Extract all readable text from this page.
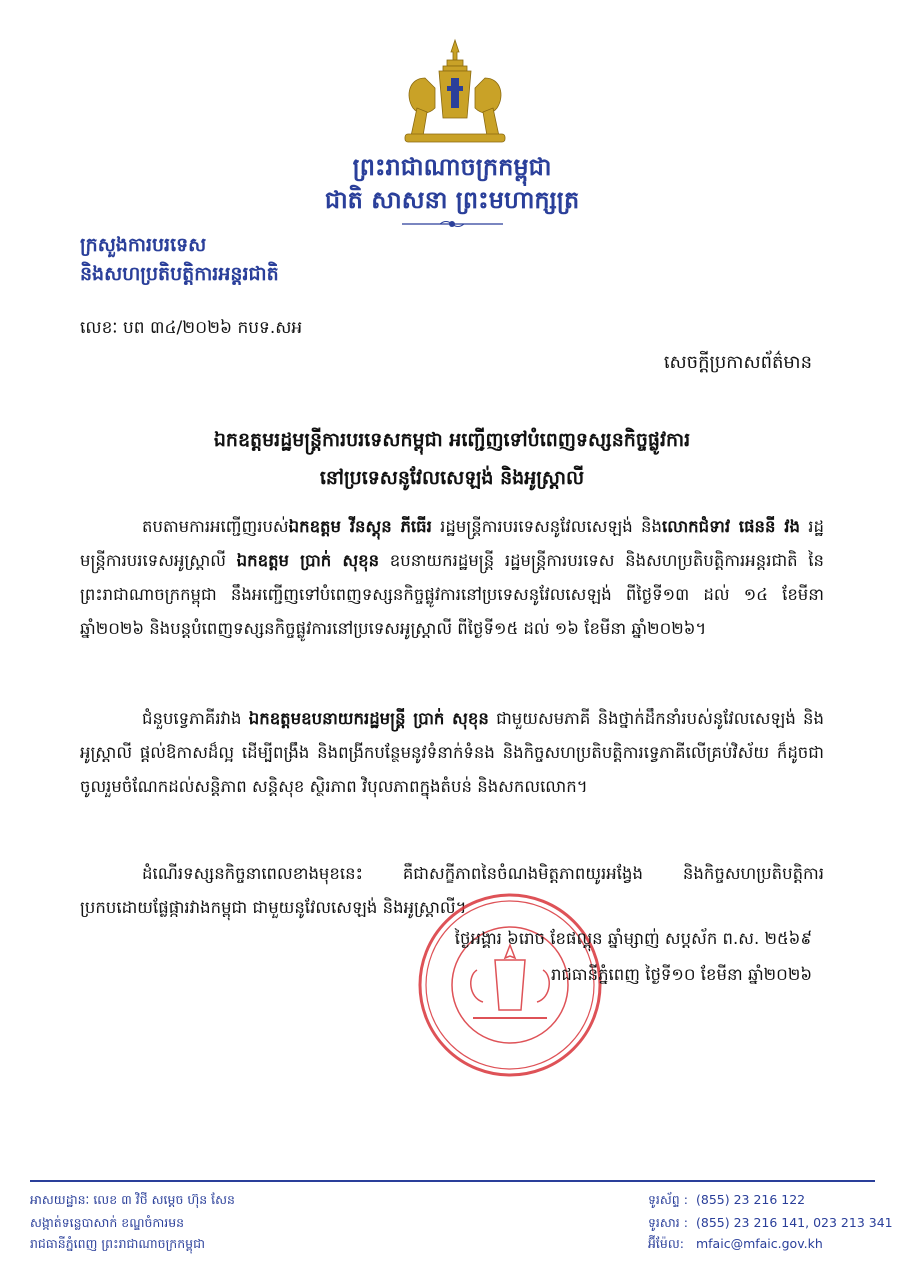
ព្រះរាជាណាចក្រកម្ពុជា
ជាតិ សាសនា ព្រះមហាក្សត្រ
ក្រសួងការបរទេស
និងសហប្រតិបត្តិការអន្តរជាតិ
លេខៈ បព ៣៤/២០២៦ កបទ.សអ
សេចក្តីប្រកាសព័ត៌មាន
ឯកឧត្តមរដ្ឋមន្ត្រីការបរទេសកម្ពុជា អញ្ជើញទៅបំពេញទស្សនកិច្ចផ្លូវការ
នៅប្រទេសនូវែលសេឡង់ និងអូស្ត្រាលី

តបតាមការអញ្ជើញរបស់ឯកឧត្តម វីនស្តុន ភីធើរ រដ្ឋមន្ត្រីការបរទេសនូវែលសេឡង់ និងលោកជំទាវ ផេននី វង រដ្ឋមន្ត្រីការបរទេសអូស្ត្រាលី ឯកឧត្តម ប្រាក់ សុខុន ឧបនាយករដ្ឋមន្ត្រី រដ្ឋមន្ត្រីការបរទេស និងសហប្រតិបត្តិការអន្តរជាតិ នៃព្រះរាជាណាចក្រកម្ពុជា នឹងអញ្ជើញទៅបំពេញទស្សនកិច្ចផ្លូវការនៅប្រទេសនូវែលសេឡង់ ពីថ្ងៃទី១៣ ដល់ ១៤ ខែមីនា ឆ្នាំ២០២៦ និងបន្តបំពេញទស្សនកិច្ចផ្លូវការនៅប្រទេសអូស្ត្រាលី ពីថ្ងៃទី១៥ ដល់ ១៦ ខែមីនា ឆ្នាំ២០២៦។

ជំនួបទ្វេភាគីរវាង ឯកឧត្តមឧបនាយករដ្ឋមន្ត្រី ប្រាក់ សុខុន ជាមួយសមភាគី និងថ្នាក់ដឹកនាំរបស់នូវែលសេឡង់ និងអូស្ត្រាលី ផ្តល់ឱកាសដ៏ល្អ ដើម្បីពង្រឹង និងពង្រីកបន្ថែមនូវទំនាក់ទំនង និងកិច្ចសហប្រតិបត្តិការទ្វេភាគីលើគ្រប់វិស័យ ក៏ដូចជាចូលរួមចំណែកដល់សន្តិភាព សន្តិសុខ ស្ថិរភាព វិបុលភាពក្នុងតំបន់ និងសកលលោក។

ដំណើរទស្សនកិច្ចនាពេលខាងមុខនេះ គឺជាសក្ខីភាពនៃចំណងមិត្តភាពយូរអង្វែង និងកិច្ចសហប្រតិបត្តិការប្រកបដោយផ្លែផ្ការវាងកម្ពុជា ជាមួយនូវែលសេឡង់ និងអូស្ត្រាលី។

ថ្ងៃអង្គារ ៦រោច ខែផល្គុន ឆ្នាំម្សាញ់ សប្តស័ក ព.ស. ២៥៦៩
រាជធានីភ្នំពេញ ថ្ងៃទី១០ ខែមីនា ឆ្នាំ២០២៦
អាសយដ្ឋានៈ លេខ ៣ វិថី សម្តេច ហ៊ុន សែន
សង្កាត់ទន្លេបាសាក់ ខណ្ឌចំការមន
រាជធានីភ្នំពេញ ព្រះរាជាណាចក្រកម្ពុជា
ទូរស័ព្ទ : (855) 23 216 122
ទូរសារ : (855) 23 216 141, 023 213 341
អ៊ីម៉ែល: mfaic@mfaic.gov.kh
